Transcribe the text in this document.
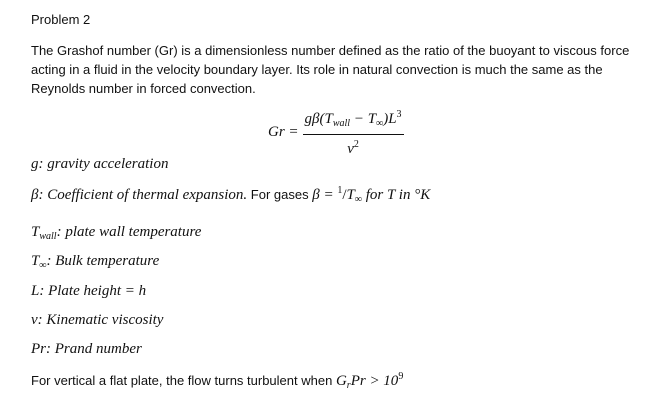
Problem 2
The Grashof number (Gr) is a dimensionless number defined as the ratio of the buoyant to viscous force acting in a fluid in the velocity boundary layer. Its role in natural convection is much the same as the Reynolds number in forced convection.
$Gr = \frac{g\beta(T_{wall} - T_\infty)L^3}{\nu^2}$
g: gravity acceleration
β: Coefficient of thermal expansion. For gases $\beta = ^1/T_\infty$ for T in °K
$T_{wall}$: plate wall temperature
$T_\infty$: Bulk temperature
L: Plate height = h
ν: Kinematic viscosity
Pr: Prand number
For vertical a flat plate, the flow turns turbulent when $G_rPr > 10^9$
